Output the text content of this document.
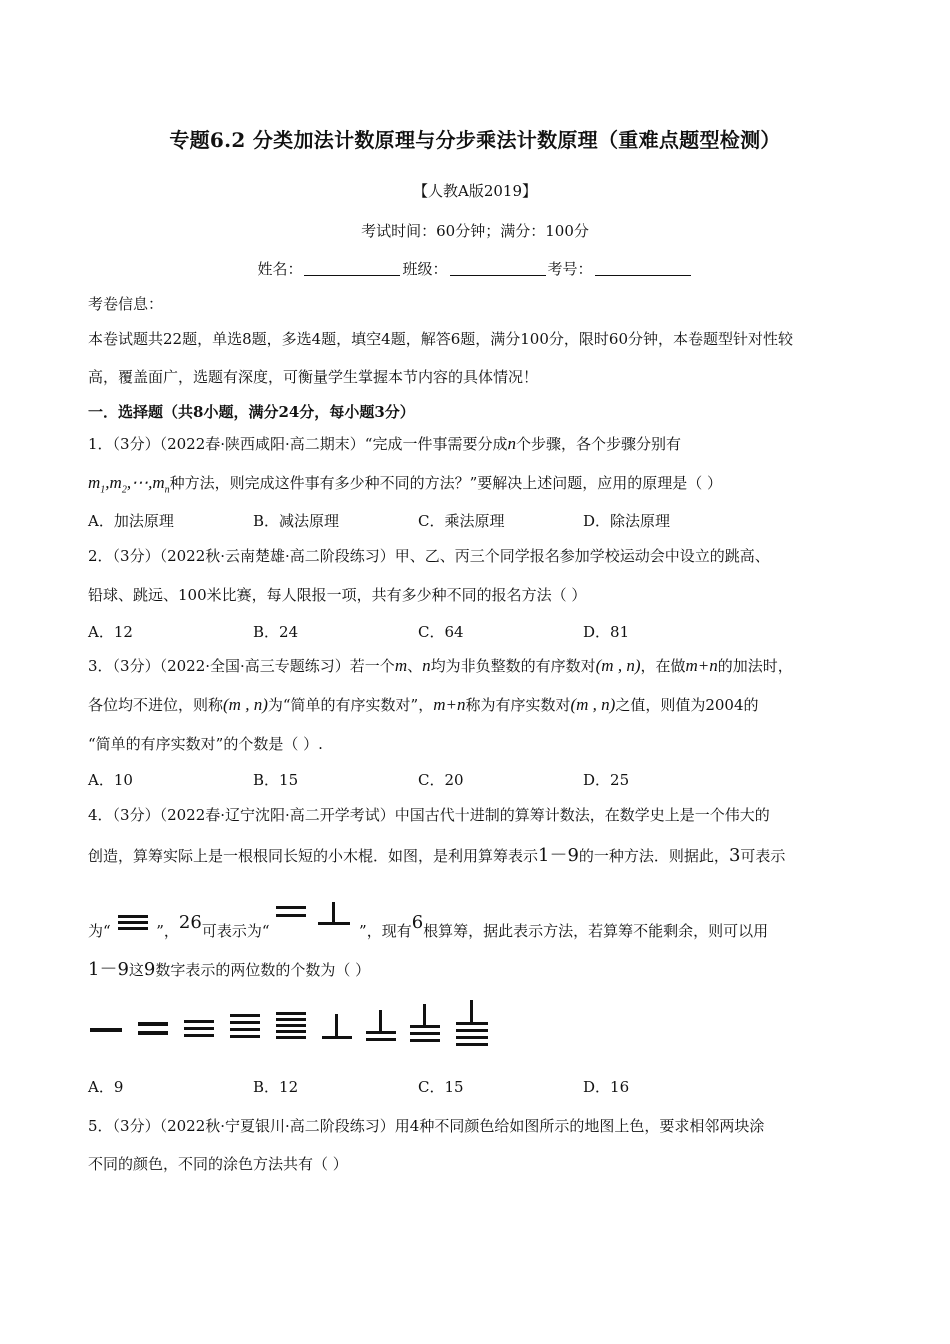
专题6.2 分类加法计数原理与分步乘法计数原理（重难点题型检测）
【人教A版2019】
考试时间：60分钟；满分：100分
姓名：	班级：	考号：
考卷信息：
本卷试题共22题，单选8题，多选4题，填空4题，解答6题，满分100分，限时60分钟，本卷题型针对性较
高，覆盖面广，选题有深度，可衡量学生掌握本节内容的具体情况！
一．选择题（共8小题，满分24分，每小题3分）
1．（3分）（2022春·陕西咸阳·高二期末）“完成一件事需要分成n个步骤，各个步骤分别有
$m_1,m_2,\cdots,m_n$种方法，则完成这件事有多少种不同的方法？”要解决上述问题，应用的原理是（ ）
A．加法原理	B．减法原理	C．乘法原理	D．除法原理
2．（3分）（2022秋·云南楚雄·高二阶段练习）甲、乙、丙三个同学报名参加学校运动会中设立的跳高、
铅球、跳远、100米比赛，每人限报一项，共有多少种不同的报名方法（ ）
A．12	B．24	C．64	D．81
3．（3分）（2022·全国·高三专题练习）若一个m、n均为非负整数的有序数对(m , n)，在做m+n的加法时，
各位均不进位，则称(m , n)为“简单的有序实数对”，m+n称为有序实数对(m , n)之值，则值为2004的
“简单的有序实数对”的个数是（ ）.
A．10	B．15	C．20	D．25
4．（3分）（2022春·辽宁沈阳·高二开学考试）中国古代十进制的算筹计数法，在数学史上是一个伟大的
创造，算筹实际上是一根根同长短的小木棍．如图，是利用算筹表示1－9的一种方法．则据此，3可表示
为“	”，26可表示为“	”，现有6根算筹，据此表示方法，若算筹不能剩余，则可以用
1－9这9数字表示的两位数的个数为（ ）
A．9	B．12	C．15	D．16
5．（3分）（2022秋·宁夏银川·高二阶段练习）用4种不同颜色给如图所示的地图上色，要求相邻两块涂
不同的颜色，不同的涂色方法共有（ ）
